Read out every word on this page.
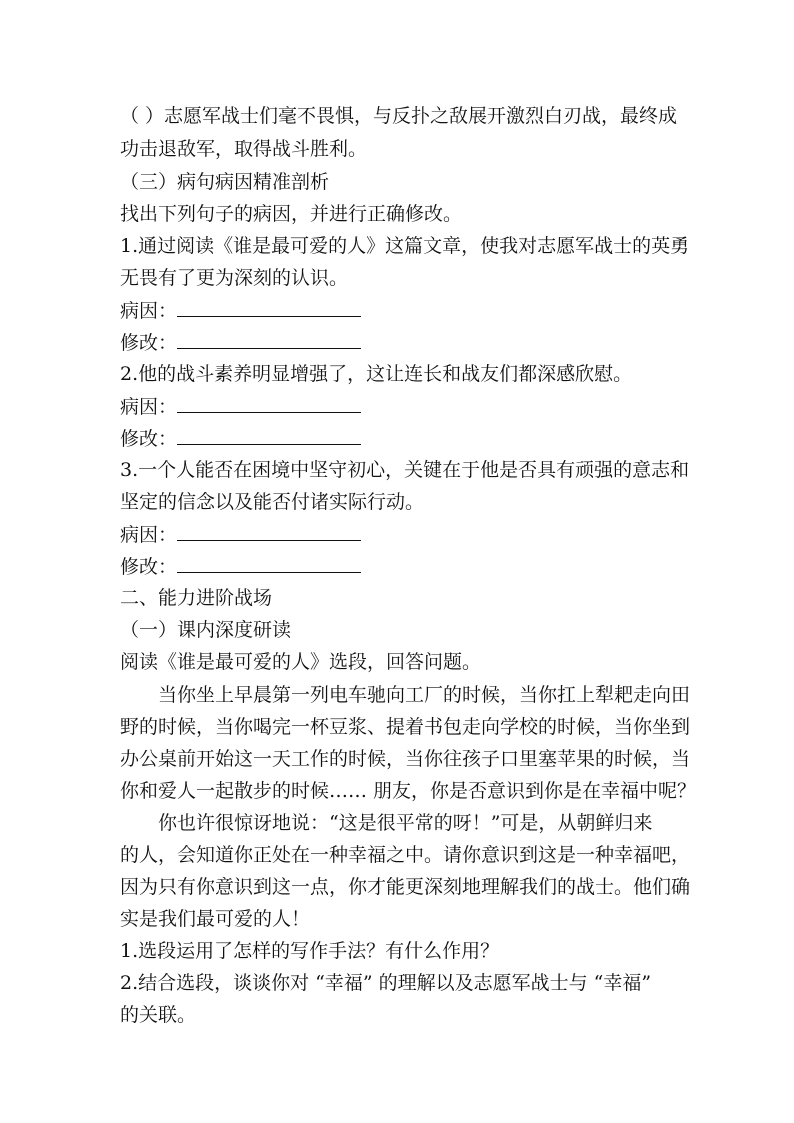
（ ）志愿军战士们毫不畏惧，与反扑之敌展开激烈白刃战，最终成
功击退敌军，取得战斗胜利。
（三）病句病因精准剖析
找出下列句子的病因，并进行正确修改。
1.通过阅读《谁是最可爱的人》这篇文章，使我对志愿军战士的英勇
无畏有了更为深刻的认识。
病因：
修改：
2.他的战斗素养明显增强了，这让连长和战友们都深感欣慰。
病因：
修改：
3.一个人能否在困境中坚守初心，关键在于他是否具有顽强的意志和
坚定的信念以及能否付诸实际行动。
病因：
修改：
二、能力进阶战场
（一）课内深度研读
阅读《谁是最可爱的人》选段，回答问题。
当你坐上早晨第一列电车驰向工厂的时候，当你扛上犁耙走向田
野的时候，当你喝完一杯豆浆、提着书包走向学校的时候，当你坐到
办公桌前开始这一天工作的时候，当你往孩子口里塞苹果的时候，当
你和爱人一起散步的时候…… 朋友，你是否意识到你是在幸福中呢？
你也许很惊讶地说：“这是很平常的呀！”可是，从朝鲜归来
的人，会知道你正处在一种幸福之中。请你意识到这是一种幸福吧，
因为只有你意识到这一点，你才能更深刻地理解我们的战士。他们确
实是我们最可爱的人！
1.选段运用了怎样的写作手法？有什么作用？
2.结合选段，谈谈你对 “幸福” 的理解以及志愿军战士与 “幸福”
的关联。
